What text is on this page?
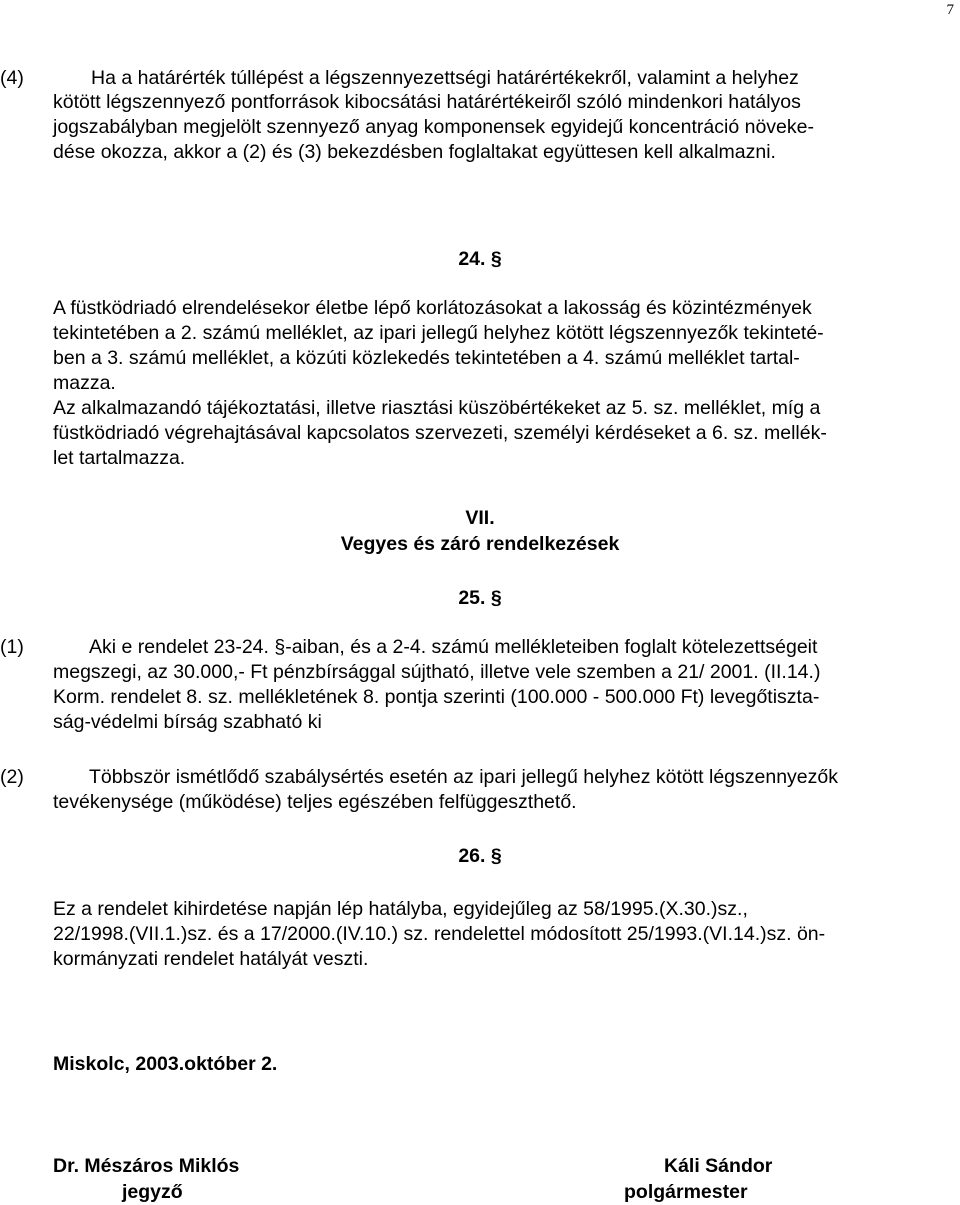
7
(4)	Ha a határérték túllépést a légszennyezettségi határértékekről, valamint a helyhez
kötött légszennyező pontforrások kibocsátási határértékeiről szóló mindenkori hatályos
jogszabályban megjelölt szennyező anyag komponensek egyidejű koncentráció növeke-
dése okozza, akkor a (2) és (3) bekezdésben foglaltakat együttesen kell alkalmazni.
24. §
A füstködriadó elrendelésekor életbe lépő korlátozásokat a lakosság és közintézmények
tekintetében a 2. számú melléklet, az ipari jellegű helyhez kötött légszennyezők tekinteté-
ben a 3. számú melléklet, a közúti közlekedés tekintetében a 4. számú melléklet tartal-
mazza.
Az alkalmazandó tájékoztatási, illetve riasztási küszöbértékeket az 5. sz. melléklet, míg a
füstködriadó végrehajtásával kapcsolatos szervezeti, személyi kérdéseket a 6. sz. mellék-
let tartalmazza.
VII.
Vegyes és záró rendelkezések
25. §
(1)	Aki e rendelet 23-24. §-aiban, és a 2-4. számú mellékleteiben foglalt kötelezettségeit
megszegi, az 30.000,- Ft pénzbírsággal sújtható, illetve vele szemben a 21/ 2001. (II.14.)
Korm. rendelet 8. sz. mellékletének 8. pontja szerinti (100.000 - 500.000 Ft) levegőtiszta-
ság-védelmi bírság szabható ki
(2)	Többször ismétlődő szabálysértés esetén az ipari jellegű helyhez kötött légszennyezők
tevékenysége (működése) teljes egészében felfüggeszthető.
26. §
Ez a rendelet kihirdetése napján lép hatályba, egyidejűleg az 58/1995.(X.30.)sz.,
22/1998.(VII.1.)sz. és a 17/2000.(IV.10.) sz. rendelettel módosított 25/1993.(VI.14.)sz. ön-
kormányzati rendelet hatályát veszti.
Miskolc, 2003.október 2.
Dr. Mészáros Miklós
jegyző
Káli Sándor
polgármester
